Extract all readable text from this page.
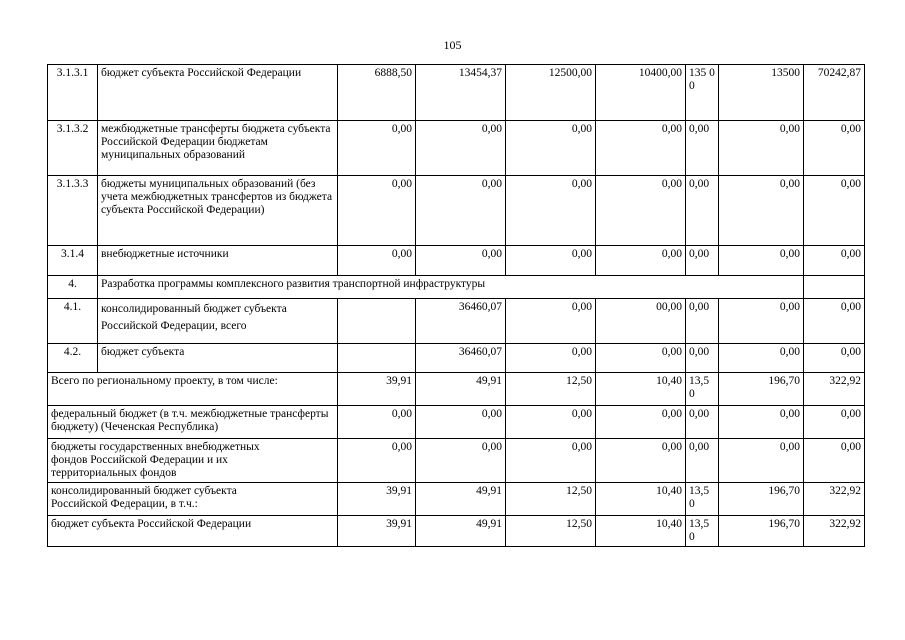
105
3.1.3.1	бюджет субъекта Российской Федерации	6888,50	13454,37	12500,00	10400,00	135 00	13500	70242,87
3.1.3.2	межбюджетные трансферты бюджета субъекта Российской Федерации бюджетам муниципальных образований	0,00	0,00	0,00	0,00	0,00	0,00	0,00
3.1.3.3	бюджеты муниципальных образований (без учета межбюджетных трансфертов из бюджета субъекта Российской Федерации)	0,00	0,00	0,00	0,00	0,00	0,00	0,00
3.1.4	внебюджетные источники	0,00	0,00	0,00	0,00	0,00	0,00	0,00
4.	Разработка программы комплексного развития транспортной инфраструктуры							
4.1.	консолидированный бюджет субъекта Российской Федерации, всего		36460,07	0,00	00,00	0,00	0,00	0,00
4.2.	бюджет субъекта		36460,07	0,00	0,00	0,00	0,00	0,00
Всего по региональному проекту, в том числе:		39,91	49,91	12,50	10,40	13,5 0	196,70	322,92
федеральный бюджет (в т.ч. межбюджетные трансферты бюджету) (Чеченская Республика)		0,00	0,00	0,00	0,00	0,00	0,00	0,00
бюджеты государственных внебюджетных фондов Российской Федерации и их территориальных фондов		0,00	0,00	0,00	0,00	0,00	0,00	0,00
консолидированный бюджет субъекта Российской Федерации, в т.ч.:		39,91	49,91	12,50	10,40	13,5 0	196,70	322,92
бюджет субъекта Российской Федерации		39,91	49,91	12,50	10,40	13,5 0	196,70	322,92
